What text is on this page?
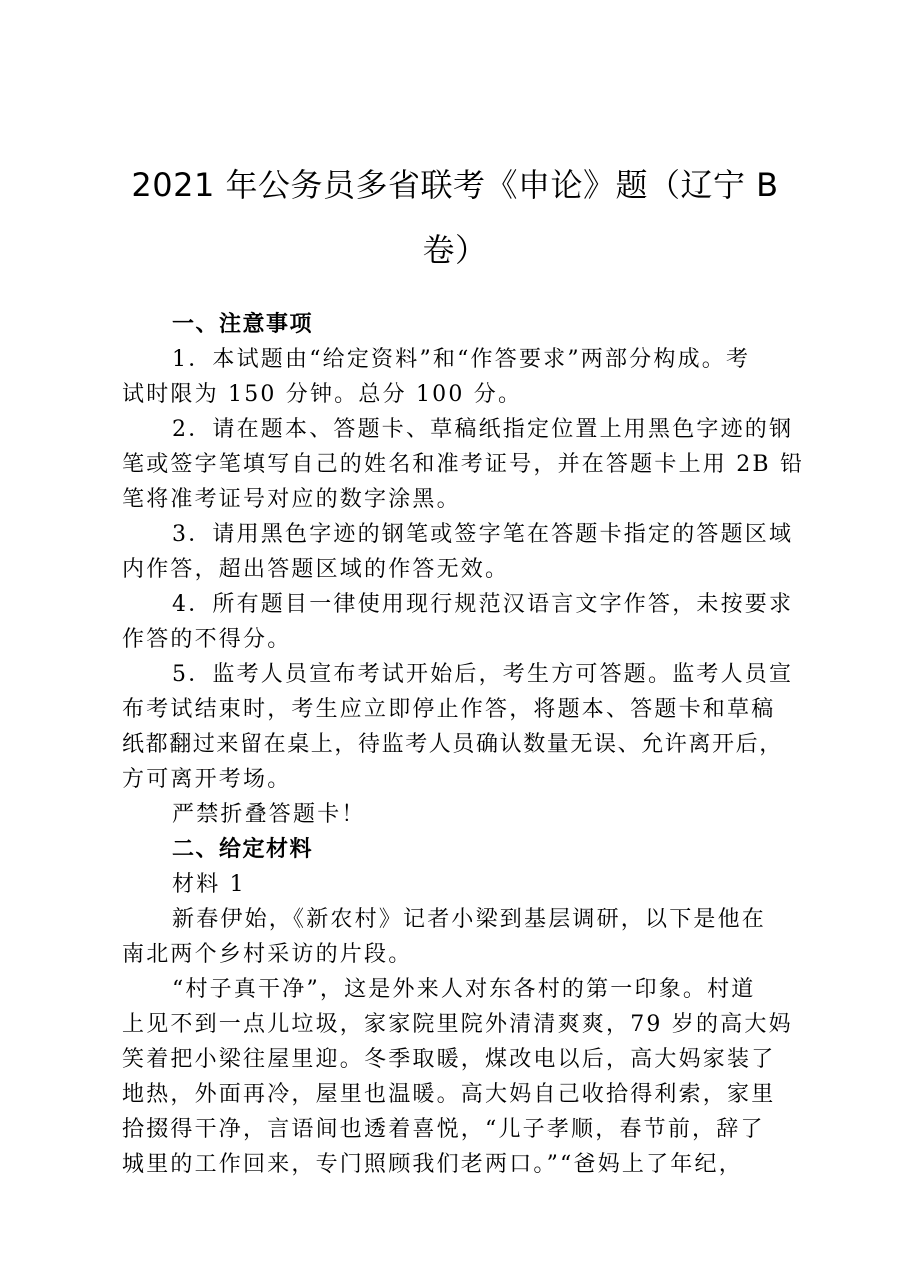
2021 年公务员多省联考《申论》题（辽宁 B
卷）
一、注意事项
1．本试题由“给定资料”和“作答要求”两部分构成。考
试时限为 150 分钟。总分 100 分。
2．请在题本、答题卡、草稿纸指定位置上用黑色字迹的钢
笔或签字笔填写自己的姓名和准考证号，并在答题卡上用 2B 铅
笔将准考证号对应的数字涂黑。
3．请用黑色字迹的钢笔或签字笔在答题卡指定的答题区域
内作答，超出答题区域的作答无效。
4．所有题目一律使用现行规范汉语言文字作答，未按要求
作答的不得分。
5．监考人员宣布考试开始后，考生方可答题。监考人员宣
布考试结束时，考生应立即停止作答，将题本、答题卡和草稿
纸都翻过来留在桌上，待监考人员确认数量无误、允许离开后，
方可离开考场。
严禁折叠答题卡！
二、给定材料
材料 1
新春伊始，《新农村》记者小梁到基层调研，以下是他在
南北两个乡村采访的片段。
“村子真干净”，这是外来人对东各村的第一印象。村道
上见不到一点儿垃圾，家家院里院外清清爽爽，79 岁的高大妈
笑着把小梁往屋里迎。冬季取暖，煤改电以后，高大妈家装了
地热，外面再冷，屋里也温暖。高大妈自己收拾得利索，家里
拾掇得干净，言语间也透着喜悦，“儿子孝顺，春节前，辞了
城里的工作回来，专门照顾我们老两口。”“爸妈上了年纪，
